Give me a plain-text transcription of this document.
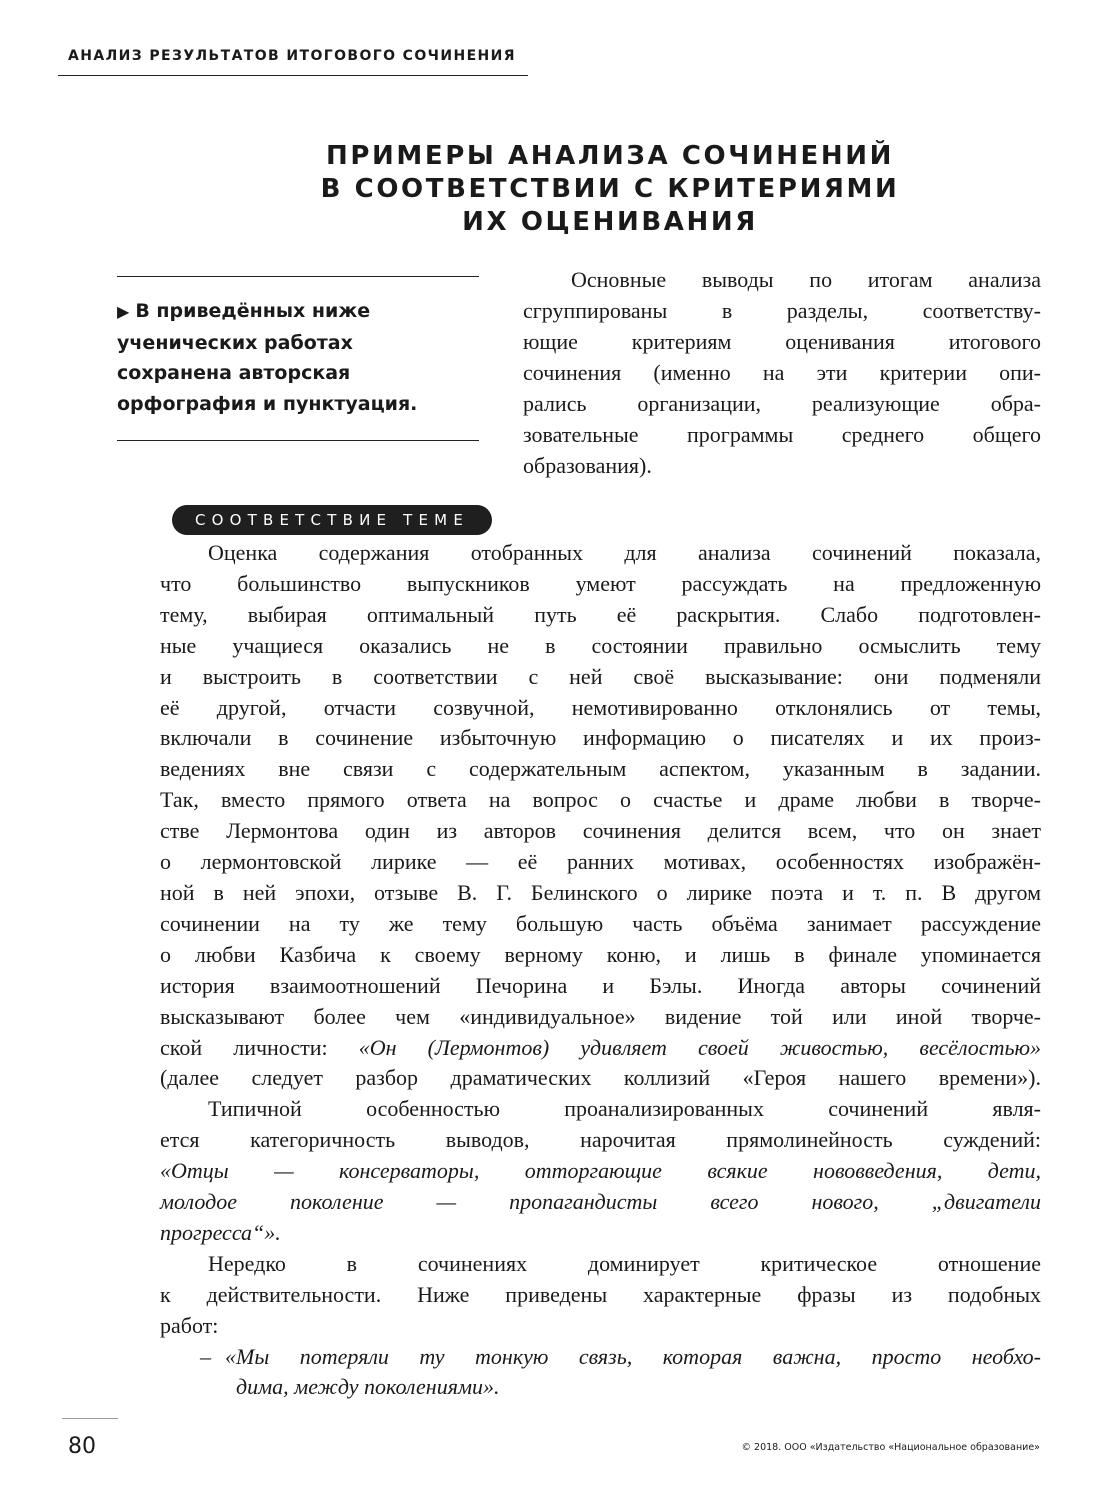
АНАЛИЗ РЕЗУЛЬТАТОВ ИТОГОВОГО СОЧИНЕНИЯ
ПРИМЕРЫ АНАЛИЗА СОЧИНЕНИЙ
В СООТВЕТСТВИИ С КРИТЕРИЯМИ
ИХ ОЦЕНИВАНИЯ
▶ В приведённых ниже
ученических работах
сохранена авторская
орфография и пунктуация.
Основные выводы по итогам анализа
сгруппированы в разделы, соответству-
ющие критериям оценивания итогового
сочинения (именно на эти критерии опи-
рались организации, реализующие обра-
зовательные программы среднего общего
образования).
СООТВЕТСТВИЕ ТЕМЕ
Оценка содержания отобранных для анализа сочинений показала,
что большинство выпускников умеют рассуждать на предложенную
тему, выбирая оптимальный путь её раскрытия. Слабо подготовлен-
ные учащиеся оказались не в состоянии правильно осмыслить тему
и выстроить в соответствии с ней своё высказывание: они подменяли
её другой, отчасти созвучной, немотивированно отклонялись от темы,
включали в сочинение избыточную информацию о писателях и их произ-
ведениях вне связи с содержательным аспектом, указанным в задании.
Так, вместо прямого ответа на вопрос о счастье и драме любви в творче-
стве Лермонтова один из авторов сочинения делится всем, что он знает
о лермонтовской лирике — её ранних мотивах, особенностях изображён-
ной в ней эпохи, отзыве В. Г. Белинского о лирике поэта и т. п. В другом
сочинении на ту же тему большую часть объёма занимает рассуждение
о любви Казбича к своему верному коню, и лишь в финале упоминается
история взаимоотношений Печорина и Бэлы. Иногда авторы сочинений
высказывают более чем «индивидуальное» видение той или иной творче-
ской личности: «Он (Лермонтов) удивляет своей живостью, весёлостью»
(далее следует разбор драматических коллизий «Героя нашего времени»).
Типичной особенностью проанализированных сочинений явля-
ется категоричность выводов, нарочитая прямолинейность суждений:
«Отцы — консерваторы, отторгающие всякие нововведения, дети,
молодое поколение — пропагандисты всего нового, „двигатели
прогресса“».
Нередко в сочинениях доминирует критическое отношение
к действительности. Ниже приведены характерные фразы из подобных
работ:
– «Мы потеряли ту тонкую связь, которая важна, просто необхо-
дима, между поколениями».
80	© 2018. ООО «Издательство «Национальное образование»
